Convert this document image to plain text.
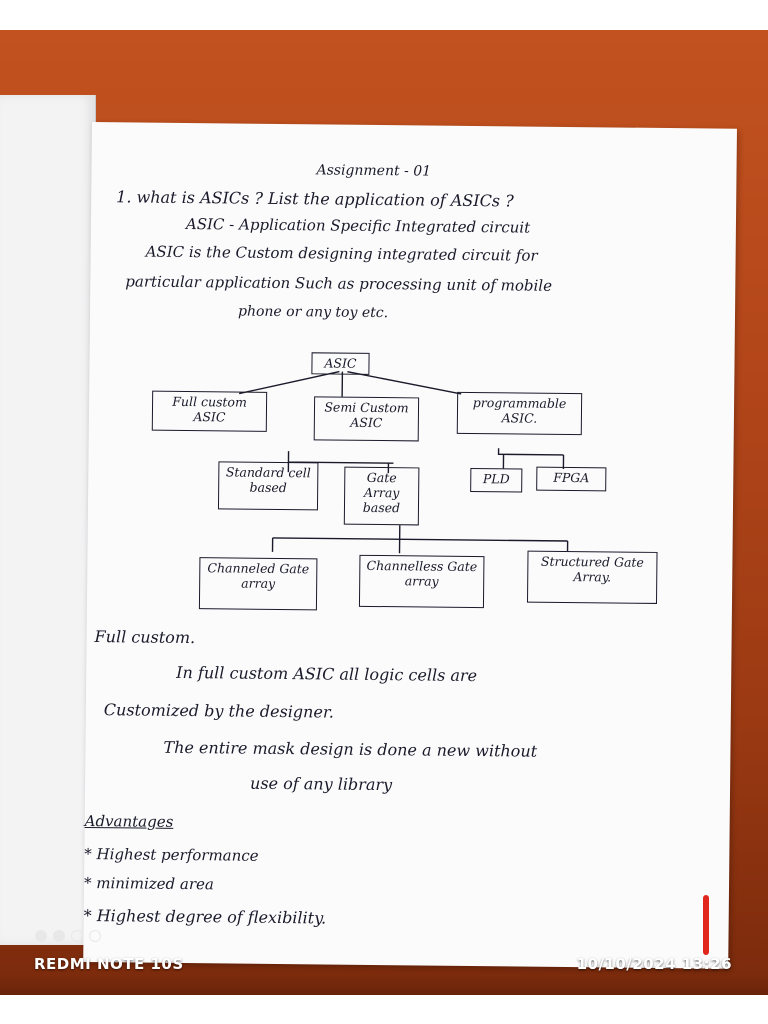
Assignment - 01

1. what is ASICs ? List the application of ASICs ?

ASIC - Application Specific Integrated circuit

ASIC is the Custom designing integrated circuit for

particular application Such as processing unit of mobile

phone or any toy etc.

ASIC
Full custom ASIC
Semi Custom ASIC
programmable ASIC.
Standard cell based
Gate Array based
PLD	FPGA
Channeled Gate array
Channelless Gate array
Structured Gate Array.

Full custom.

In full custom ASIC all logic cells are

Customized by the designer.

The entire mask design is done a new without

use of any library

Advantages

* Highest performance

* minimized area

* Highest degree of flexibility.

REDMI NOTE 10S	10/10/2024 13:26
